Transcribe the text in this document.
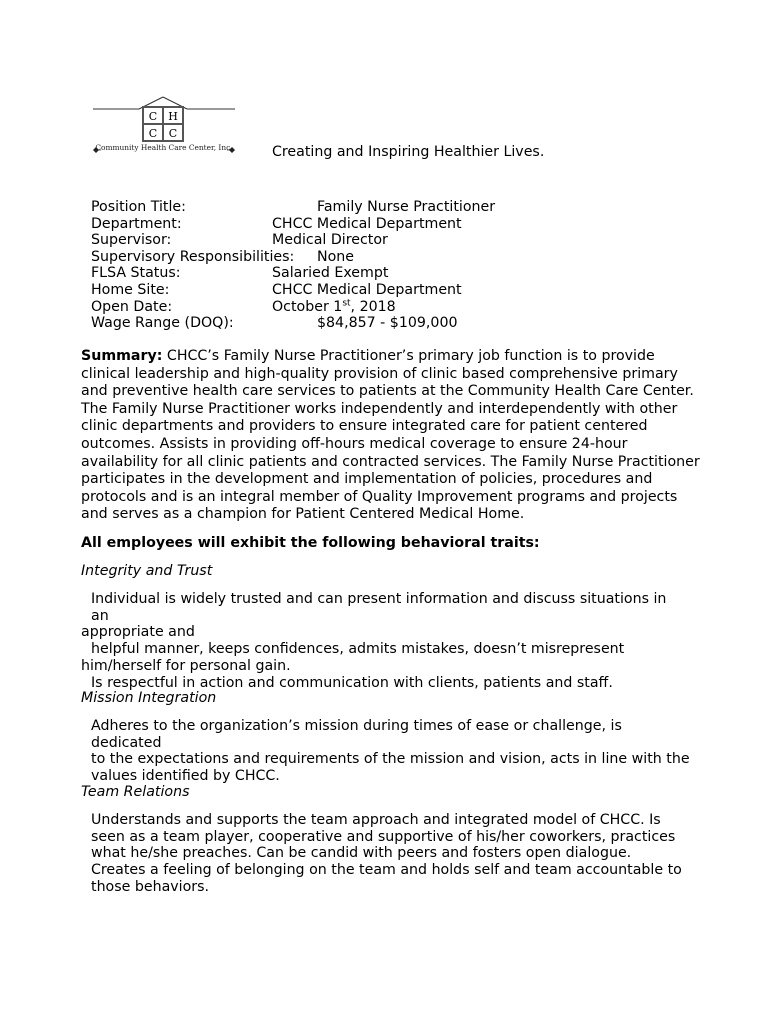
C H
C C
Community Health Care Center, Inc.	Creating and Inspiring Healthier Lives.
Position Title:	Family Nurse Practitioner
Department:	CHCC Medical Department
Supervisor:	Medical Director
Supervisory Responsibilities: None
FLSA Status:	Salaried Exempt
Home Site:	CHCC Medical Department
Open Date:	October 1st, 2018
Wage Range (DOQ):	$84,857 - $109,000
Summary: CHCC’s Family Nurse Practitioner’s primary job function is to provide clinical leadership and high-quality provision of clinic based comprehensive primary and preventive health care services to patients at the Community Health Care Center. The Family Nurse Practitioner works independently and interdependently with other clinic departments and providers to ensure integrated care for patient centered outcomes. Assists in providing off-hours medical coverage to ensure 24-hour availability for all clinic patients and contracted services. The Family Nurse Practitioner participates in the development and implementation of policies, procedures and protocols and is an integral member of Quality Improvement programs and projects and serves as a champion for Patient Centered Medical Home.
All employees will exhibit the following behavioral traits:
Integrity and Trust
Individual is widely trusted and can present information and discuss situations in an
appropriate and
helpful manner, keeps confidences, admits mistakes, doesn’t misrepresent
him/herself for personal gain.
Is respectful in action and communication with clients, patients and staff.
Mission Integration
Adheres to the organization’s mission during times of ease or challenge, is dedicated
to the expectations and requirements of the mission and vision, acts in line with the
values identified by CHCC.
Team Relations
Understands and supports the team approach and integrated model of CHCC. Is
seen as a team player, cooperative and supportive of his/her coworkers, practices
what he/she preaches. Can be candid with peers and fosters open dialogue.
Creates a feeling of belonging on the team and holds self and team accountable to
those behaviors.
